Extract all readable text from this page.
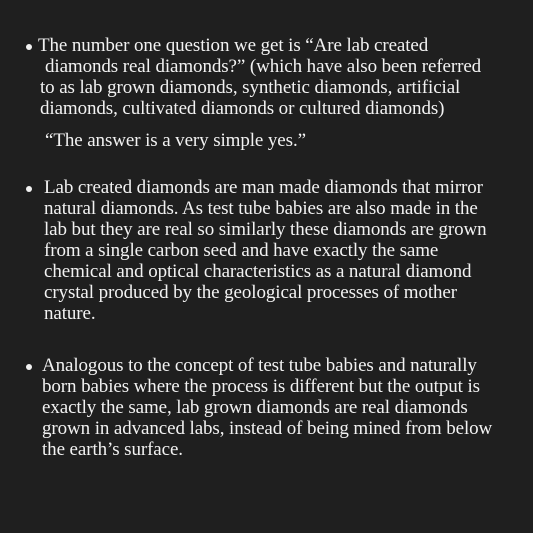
The number one question we get is “Are lab created
diamonds real diamonds?” (which have also been referred
to as lab grown diamonds, synthetic diamonds, artificial
diamonds, cultivated diamonds or cultured diamonds)
“The answer is a very simple yes.”
Lab created diamonds are man made diamonds that mirror
natural diamonds. As test tube babies are also made in the
lab but they are real so similarly these diamonds are grown
from a single carbon seed and have exactly the same
chemical and optical characteristics as a natural diamond
crystal produced by the geological processes of mother
nature.
Analogous to the concept of test tube babies and naturally
born babies where the process is different but the output is
exactly the same, lab grown diamonds are real diamonds
grown in advanced labs, instead of being mined from below
the earth’s surface.
